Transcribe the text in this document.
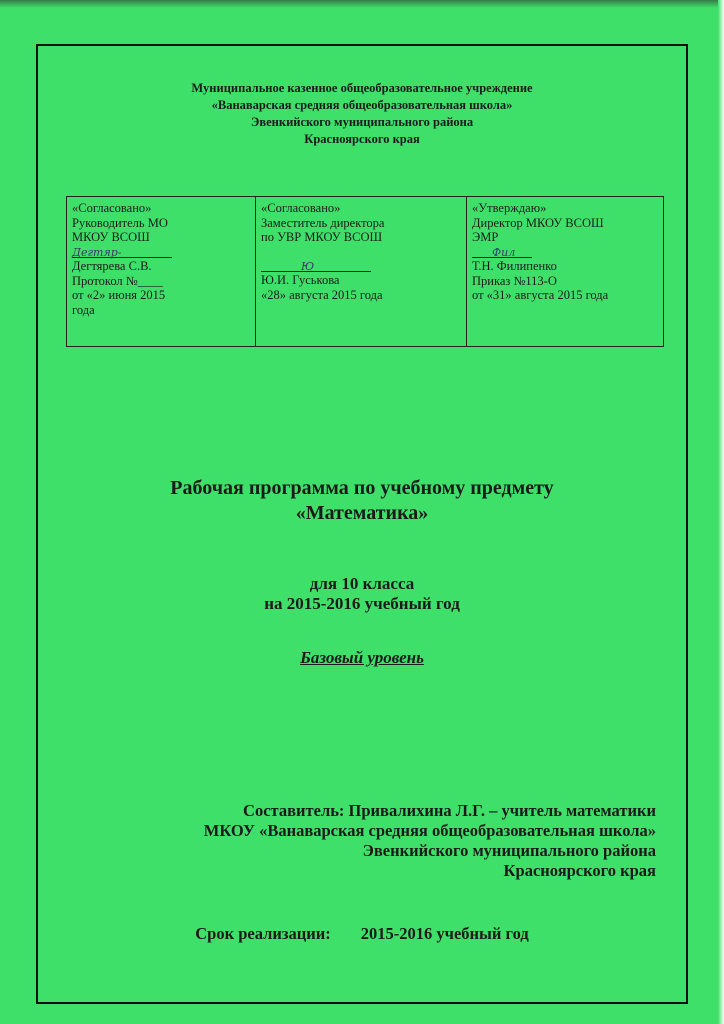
Муниципальное казенное общеобразовательное учреждение
«Ванаварская средняя общеобразовательная школа»
Эвенкийского муниципального района
Красноярского края
«Согласовано»
Руководитель МО
МКОУ ВСОШ
Дегтяр-
Дегтярева С.В.
Протокол №____
от «2» июня 2015
года

«Согласовано»
Заместитель директора
по УВР МКОУ ВСОШ
Ю
Ю.И. Гуськова
«28» августа 2015 года

«Утверждаю»
Директор МКОУ ВСОШ
ЭМР
Фил
Т.Н. Филипенко
Приказ №113-О
от «31» августа 2015 года
Рабочая программа по учебному предмету
«Математика»
для 10 класса
на 2015-2016 учебный год
Базовый уровень
Составитель: Привалихина Л.Г. – учитель математики
МКОУ «Ванаварская средняя общеобразовательная школа»
Эвенкийского муниципального района
Красноярского края
Срок реализации: 2015-2016 учебный год
